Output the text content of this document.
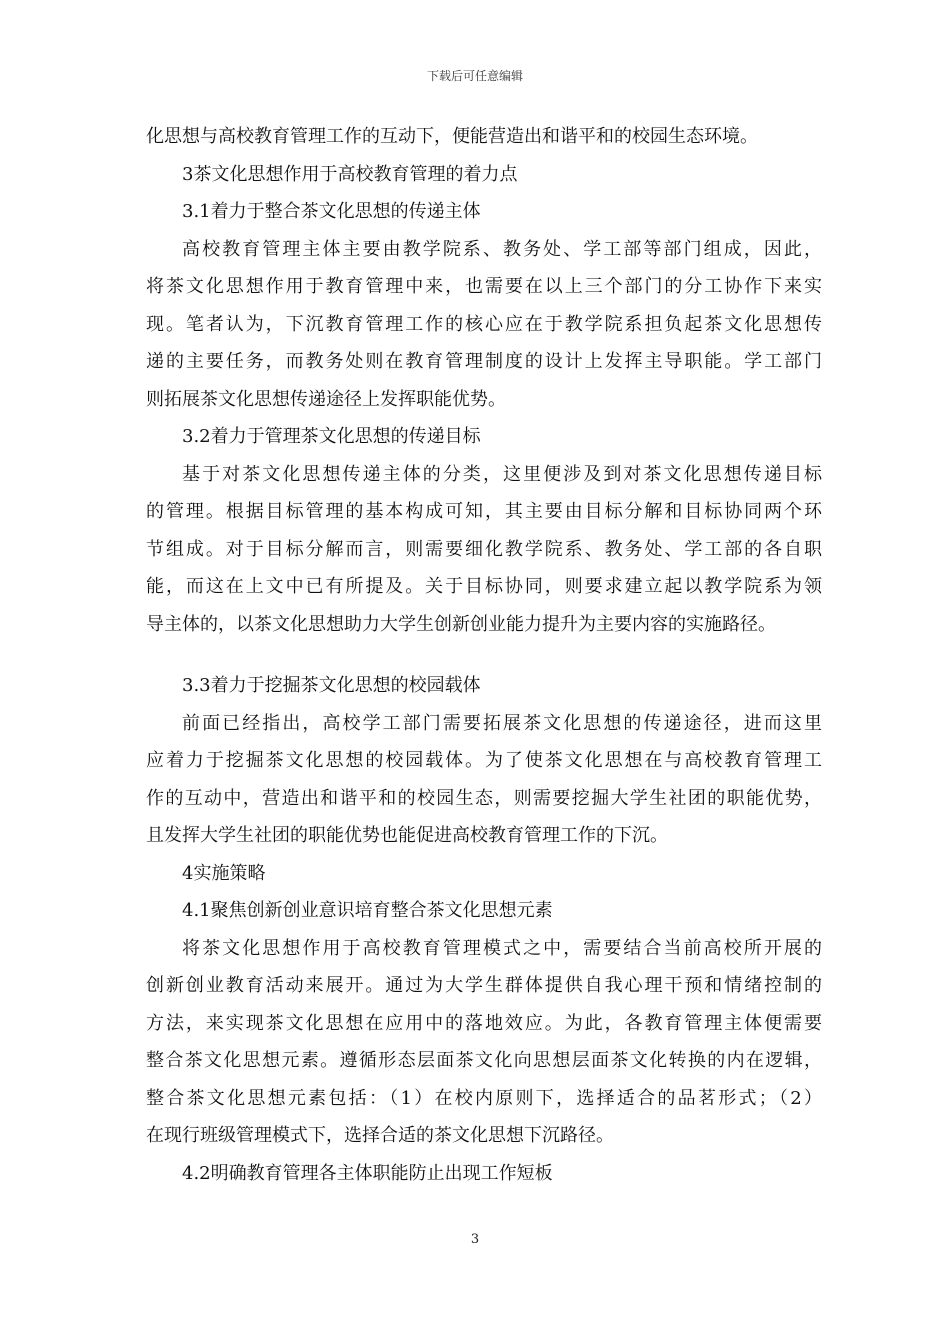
下载后可任意编辑
化思想与高校教育管理工作的互动下，便能营造出和谐平和的校园生态环境。
3茶文化思想作用于高校教育管理的着力点
3.1着力于整合茶文化思想的传递主体
高校教育管理主体主要由教学院系、教务处、学工部等部门组成，因此，
将茶文化思想作用于教育管理中来，也需要在以上三个部门的分工协作下来实
现。笔者认为，下沉教育管理工作的核心应在于教学院系担负起茶文化思想传
递的主要任务，而教务处则在教育管理制度的设计上发挥主导职能。学工部门
则拓展茶文化思想传递途径上发挥职能优势。
3.2着力于管理茶文化思想的传递目标
基于对茶文化思想传递主体的分类，这里便涉及到对茶文化思想传递目标
的管理。根据目标管理的基本构成可知，其主要由目标分解和目标协同两个环
节组成。对于目标分解而言，则需要细化教学院系、教务处、学工部的各自职
能，而这在上文中已有所提及。关于目标协同，则要求建立起以教学院系为领
导主体的，以茶文化思想助力大学生创新创业能力提升为主要内容的实施路径。
3.3着力于挖掘茶文化思想的校园载体
前面已经指出，高校学工部门需要拓展茶文化思想的传递途径，进而这里
应着力于挖掘茶文化思想的校园载体。为了使茶文化思想在与高校教育管理工
作的互动中，营造出和谐平和的校园生态，则需要挖掘大学生社团的职能优势，
且发挥大学生社团的职能优势也能促进高校教育管理工作的下沉。
4实施策略
4.1聚焦创新创业意识培育整合茶文化思想元素
将茶文化思想作用于高校教育管理模式之中，需要结合当前高校所开展的
创新创业教育活动来展开。通过为大学生群体提供自我心理干预和情绪控制的
方法，来实现茶文化思想在应用中的落地效应。为此，各教育管理主体便需要
整合茶文化思想元素。遵循形态层面茶文化向思想层面茶文化转换的内在逻辑，
整合茶文化思想元素包括：（1）在校内原则下，选择适合的品茗形式；（2）
在现行班级管理模式下，选择合适的茶文化思想下沉路径。
4.2明确教育管理各主体职能防止出现工作短板
3
